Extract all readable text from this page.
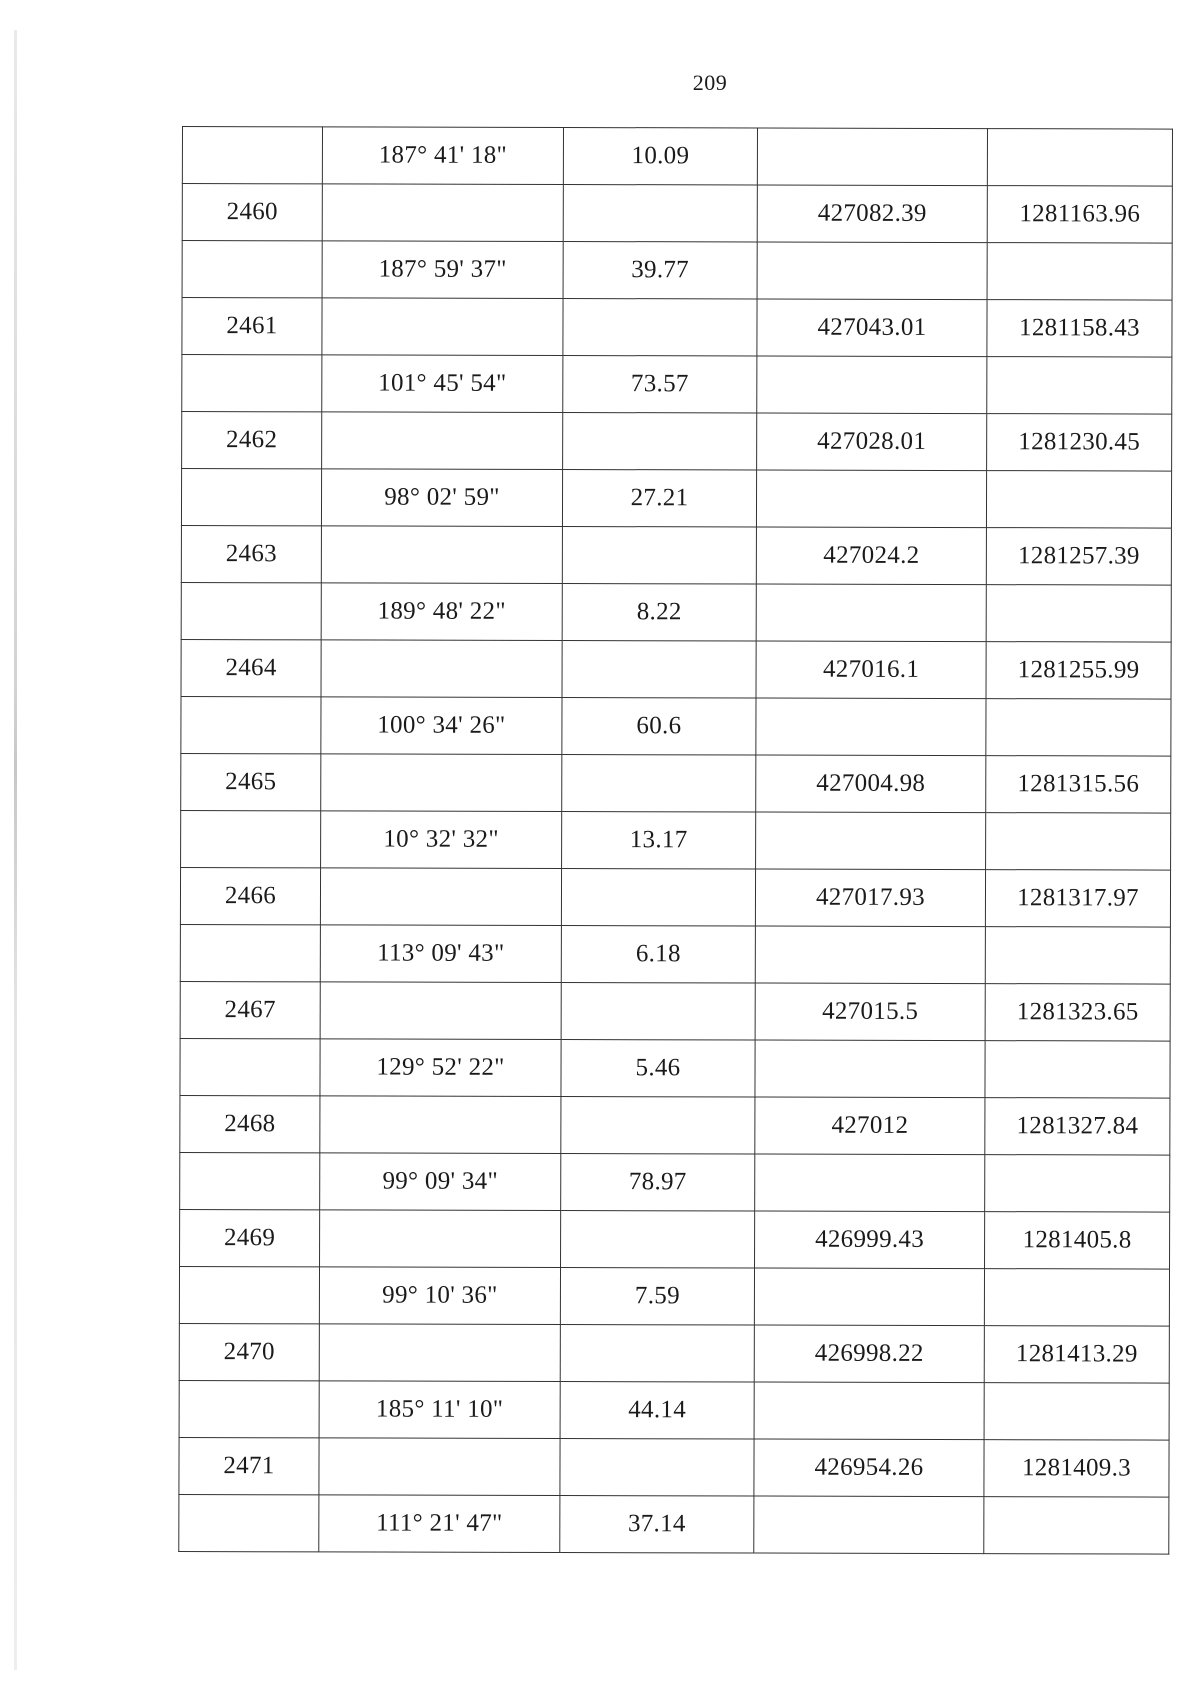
209
	187° 41' 18"	10.09		
2460			427082.39	1281163.96
	187° 59' 37"	39.77		
2461			427043.01	1281158.43
	101° 45' 54"	73.57		
2462			427028.01	1281230.45
	98° 02' 59"	27.21		
2463			427024.2	1281257.39
	189° 48' 22"	8.22		
2464			427016.1	1281255.99
	100° 34' 26"	60.6		
2465			427004.98	1281315.56
	10° 32' 32"	13.17		
2466			427017.93	1281317.97
	113° 09' 43"	6.18		
2467			427015.5	1281323.65
	129° 52' 22"	5.46		
2468			427012	1281327.84
	99° 09' 34"	78.97		
2469			426999.43	1281405.8
	99° 10' 36"	7.59		
2470			426998.22	1281413.29
	185° 11' 10"	44.14		
2471			426954.26	1281409.3
	111° 21' 47"	37.14		
